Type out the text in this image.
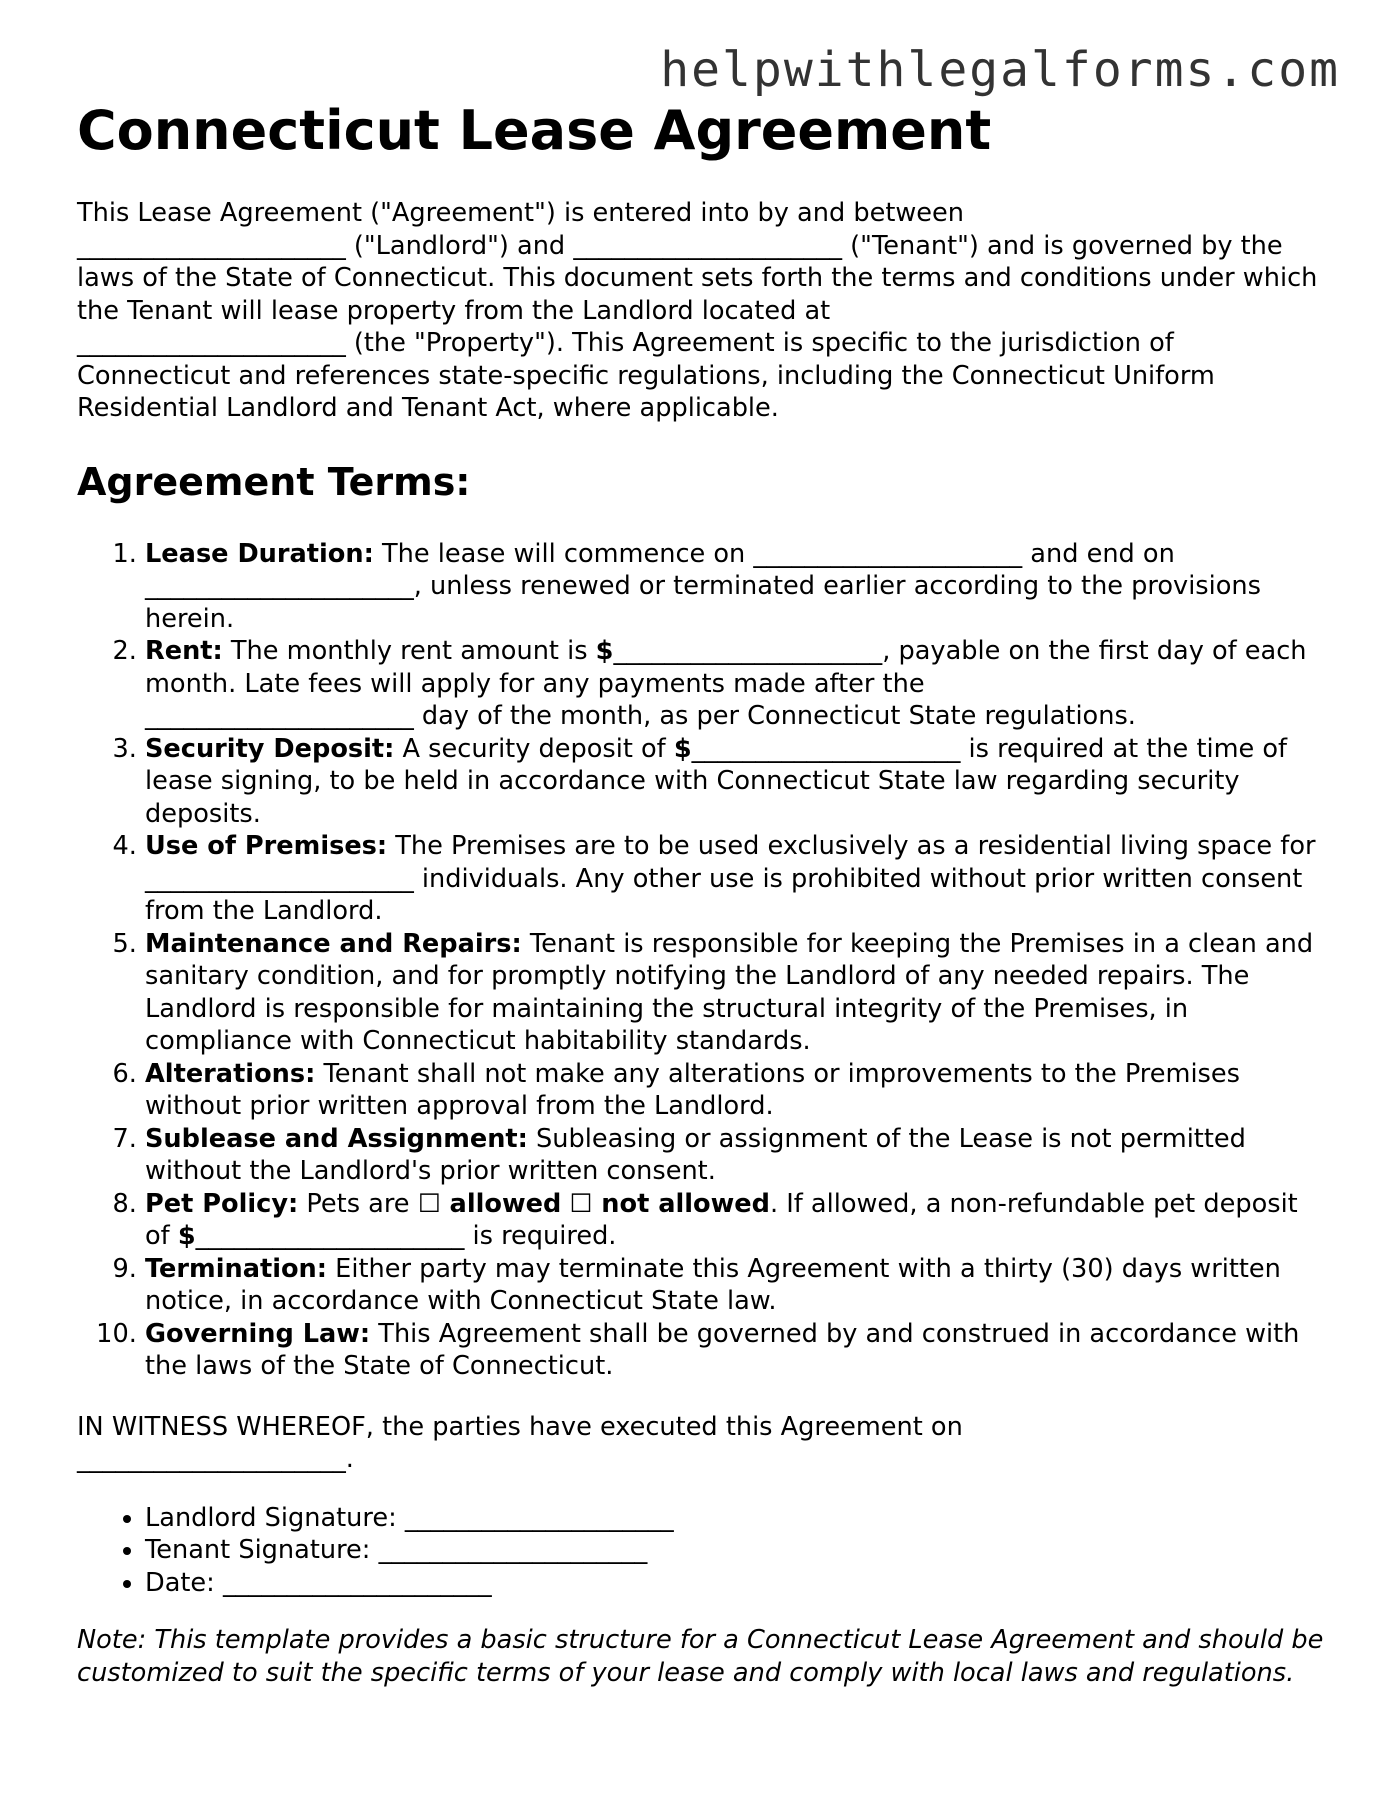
helpwithlegalforms.com
Connecticut Lease Agreement

This Lease Agreement ("Agreement") is entered into by and between
_____________________ ("Landlord") and _____________________ ("Tenant") and is governed by the laws of the State of Connecticut. This document sets forth the terms and conditions under which the Tenant will lease property from the Landlord located at
_____________________ (the "Property"). This Agreement is specific to the jurisdiction of Connecticut and references state-specific regulations, including the Connecticut Uniform Residential Landlord and Tenant Act, where applicable.

Agreement Terms:
1. Lease Duration: The lease will commence on _____________________ and end on
_____________________, unless renewed or terminated earlier according to the provisions herein.
2. Rent: The monthly rent amount is $_____________________, payable on the first day of each month. Late fees will apply for any payments made after the
_____________________ day of the month, as per Connecticut State regulations.
3. Security Deposit: A security deposit of $_____________________ is required at the time of lease signing, to be held in accordance with Connecticut State law regarding security deposits.
4. Use of Premises: The Premises are to be used exclusively as a residential living space for _____________________ individuals. Any other use is prohibited without prior written consent from the Landlord.
5. Maintenance and Repairs: Tenant is responsible for keeping the Premises in a clean and sanitary condition, and for promptly notifying the Landlord of any needed repairs. The Landlord is responsible for maintaining the structural integrity of the Premises, in compliance with Connecticut habitability standards.
6. Alterations: Tenant shall not make any alterations or improvements to the Premises without prior written approval from the Landlord.
7. Sublease and Assignment: Subleasing or assignment of the Lease is not permitted without the Landlord's prior written consent.
8. Pet Policy: Pets are ☐ allowed ☐ not allowed. If allowed, a non-refundable pet deposit of $_____________________ is required.
9. Termination: Either party may terminate this Agreement with a thirty (30) days written notice, in accordance with Connecticut State law.
10. Governing Law: This Agreement shall be governed by and construed in accordance with the laws of the State of Connecticut.

IN WITNESS WHEREOF, the parties have executed this Agreement on
_____________________.

• Landlord Signature: _____________________
• Tenant Signature: _____________________
• Date: _____________________

Note: This template provides a basic structure for a Connecticut Lease Agreement and should be customized to suit the specific terms of your lease and comply with local laws and regulations.
